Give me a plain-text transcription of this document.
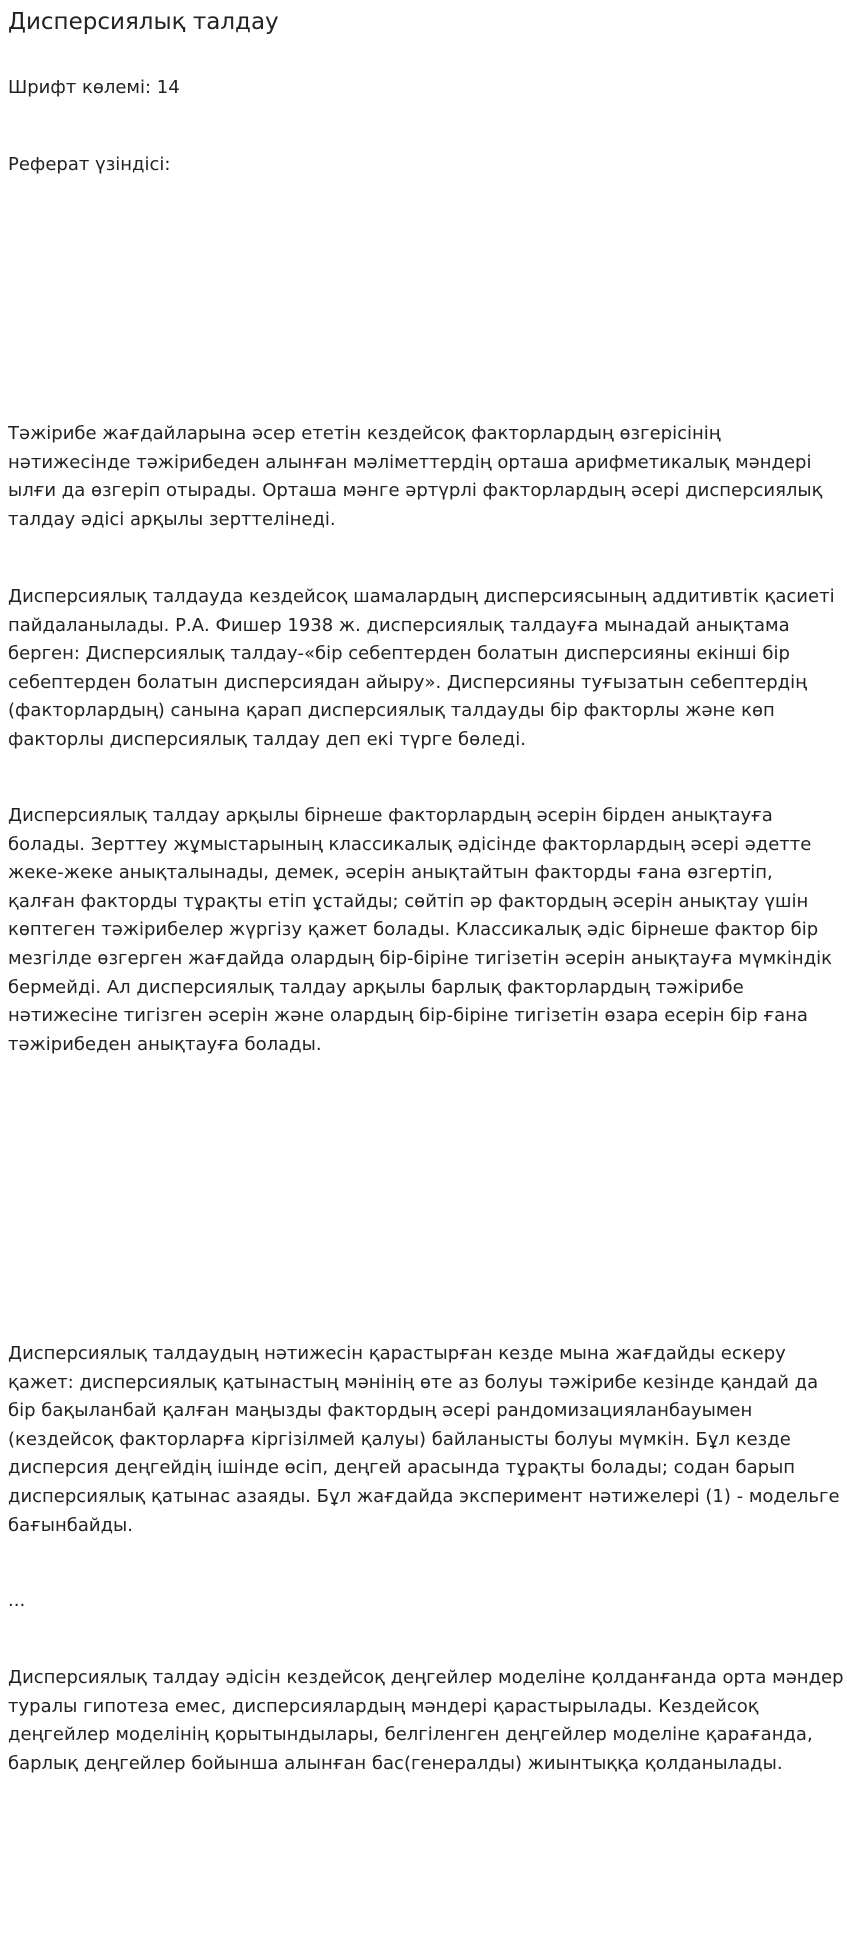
Дисперсиялық талдау

Шрифт көлемі: 14

Реферат үзіндісі:

Тәжірибе жағдайларына әсер ететін кездейсоқ факторлардың өзгерісінің нәтижесінде тәжірибеден алынған мәліметтердің орташа арифметикалық мәндері ылғи да өзгеріп отырады. Орташа мәнге әртүрлі факторлардың әсері дисперсиялық талдау әдісі арқылы зерттелінеді.

Дисперсиялық талдауда кездейсоқ шамалардың дисперсиясының аддитивтік қасиеті пайдаланылады. Р.А. Фишер 1938 ж. дисперсиялық талдауға мынадай анықтама берген: Дисперсиялық талдау-«бір себептерден болатын дисперсияны екінші бір себептерден болатын дисперсиядан айыру». Дисперсияны туғызатын себептердің (факторлардың) санына қарап дисперсиялық талдауды бір факторлы және көп факторлы дисперсиялық талдау деп екі түрге бөледі.

Дисперсиялық талдау арқылы бірнеше факторлардың әсерін бірден анықтауға болады. Зерттеу жұмыстарының классикалық әдісінде факторлардың әсері әдетте жеке-жеке анықталынады, демек, әсерін анықтайтын факторды ғана өзгертіп, қалған факторды тұрақты етіп ұстайды; сөйтіп әр фактордың әсерін анықтау үшін көптеген тәжірибелер жүргізу қажет болады. Классикалық әдіс бірнеше фактор бір мезгілде өзгерген жағдайда олардың бір-біріне тигізетін әсерін анықтауға мүмкіндік бермейді. Ал дисперсиялық талдау арқылы барлық факторлардың тәжірибе нәтижесіне тигізген әсерін және олардың бір-біріне тигізетін өзара есерін бір ғана тәжірибеден анықтауға болады.

Дисперсиялық талдаудың нәтижесін қарастырған кезде мына жағдайды ескеру қажет: дисперсиялық қатынастың мәнінің өте аз болуы тәжірибе кезінде қандай да бір бақыланбай қалған маңызды фактордың әсері рандомизацияланбауымен (кездейсоқ факторларға кіргізілмей қалуы) байланысты болуы мүмкін. Бұл кезде дисперсия деңгейдің ішінде өсіп, деңгей арасында тұрақты болады; содан барып дисперсиялық қатынас азаяды. Бұл жағдайда эксперимент нәтижелері (1) - модельге бағынбайды.

...

Дисперсиялық талдау әдісін кездейсоқ деңгейлер моделіне қолданғанда орта мәндер туралы гипотеза емес, дисперсиялардың мәндері қарастырылады. Кездейсоқ деңгейлер моделінің қорытындылары, белгіленген деңгейлер моделіне қарағанда, барлық деңгейлер бойынша алынған бас(генералды) жиынтыққа қолданылады.
